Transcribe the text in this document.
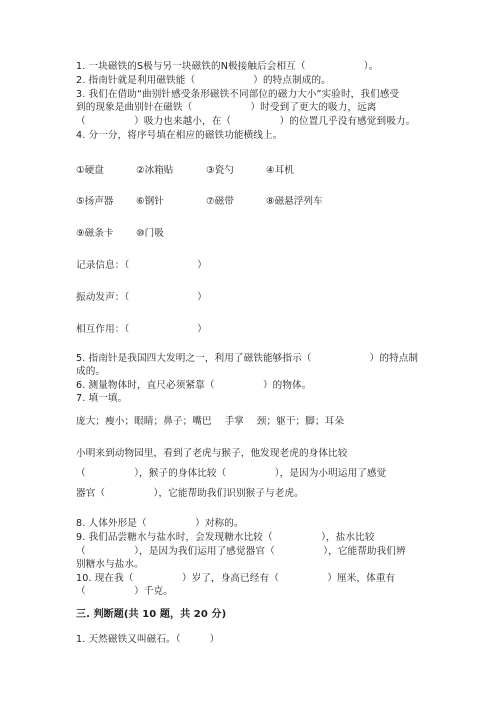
1. 一块磁铁的S极与另一块磁铁的N极接触后会相互（　　　　　　）。
2. 指南针就是利用磁铁能（　　　　　　）的特点制成的。
3. 我们在借助“曲别针感受条形磁铁不同部位的磁力大小”实验时，我们感受
到的现象是曲别针在磁铁（　　　　　　）时受到了更大的吸力，远离
（　　　　　）吸力也来越小，在（　　　　　）的位置几乎没有感觉到吸力。
4. 分一分，将序号填在相应的磁铁功能横线上。
①硬盘	②冰箱贴	③瓷勺	④耳机
⑤扬声器 ⑥钢针	⑦磁带	⑧磁悬浮列车
⑨磁条卡 ⑩门吸
记录信息：（　　　　　　　）
振动发声：（　　　　　　　）
相互作用：（　　　　　　　）
5. 指南针是我国四大发明之一，利用了磁铁能够指示（　　　　　　）的特点制
成的。
6. 测量物体时，直尺必须紧靠（　　　　　）的物体。
7. 填一填。
庞大；瘦小；眼睛；鼻子；嘴巴　 手掌　 颈；躯干；脚；耳朵
小明来到动物园里，看到了老虎与猴子，他发现老虎的身体比较
（　　　　　），猴子的身体比较（　　　　　），是因为小明运用了感觉
器官（　　　　　），它能帮助我们识别猴子与老虎。
8. 人体外形是（　　　　　）对称的。
9. 我们品尝糖水与盐水时，会发现糖水比较（　　　　　），盐水比较
（　　　　　），是因为我们运用了感觉器官（　　　　　），它能帮助我们辨
别糖水与盐水。
10. 现在我（　　　　　）岁了，身高已经有（　　　　　）厘米，体重有
（　　　　　）千克。
三. 判断题(共 10 题，共 20 分)
1. 天然磁铁又叫磁石。（　　　）
